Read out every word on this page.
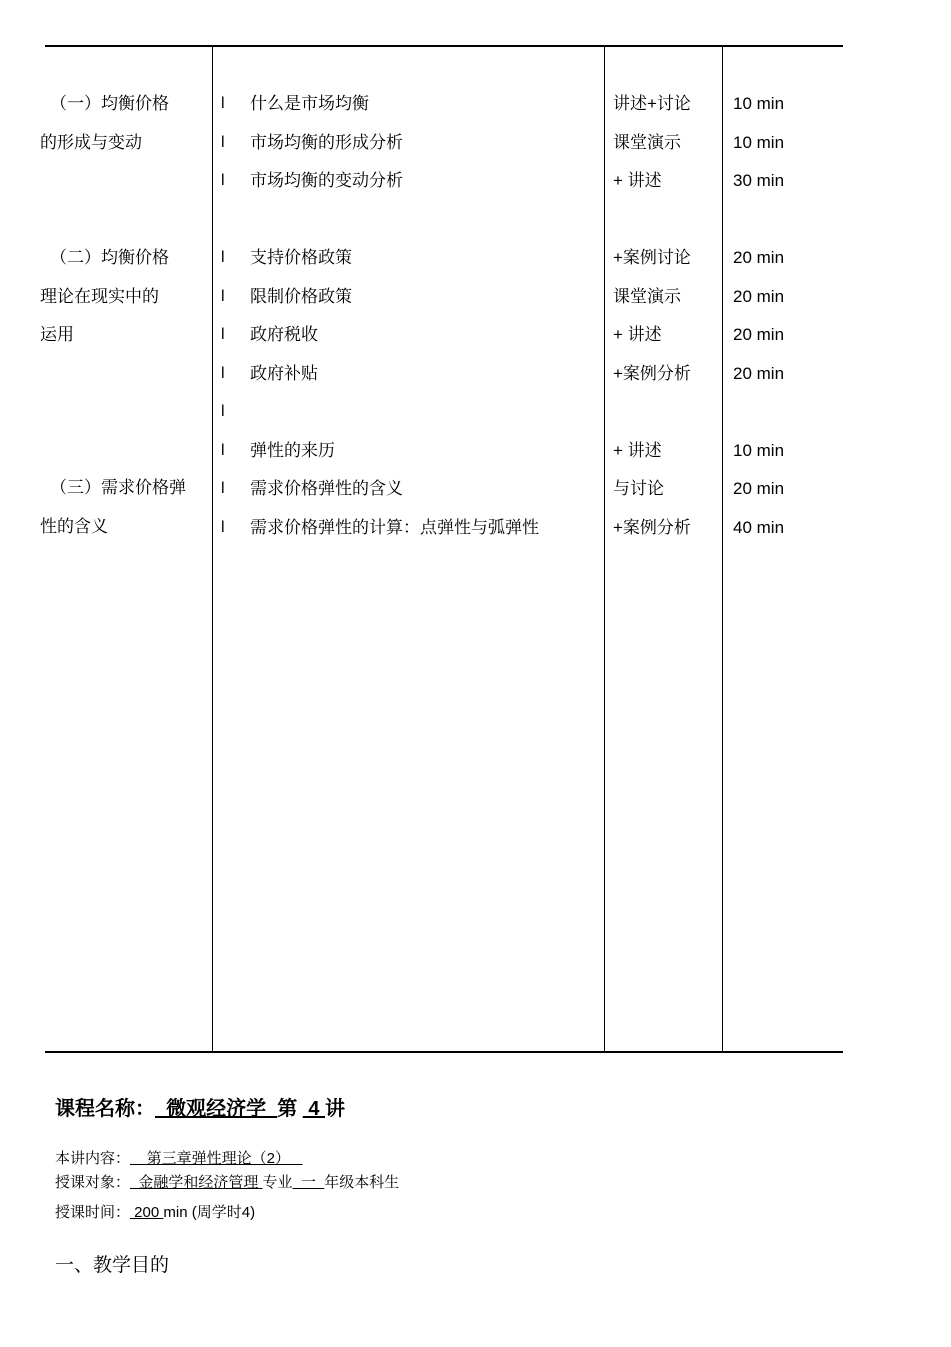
（一）均衡价格
的形成与变动
（二）均衡价格
理论在现实中的
运用
（三）需求价格弹
性的含义
l
l
l
l
l
l
l
l
l
l
l
什么是市场均衡
市场均衡的形成分析
市场均衡的变动分析
支持价格政策
限制价格政策
政府税收
政府补贴
弹性的来历
需求价格弹性的含义
需求价格弹性的计算：点弹性与弧弹性
讲述+讨论
课堂演示
+ 讲述
+案例讨论
课堂演示
+ 讲述
+案例分析
+ 讲述
与讨论
+案例分析
10 min
10 min
30 min
20 min
20 min
20 min
20 min
10 min
20 min
40 min
课程名称：  微观经济学  第  4 讲
本讲内容：    第三章弹性理论（2）
授课对象：  金融学和经济管理 专业  一  年级本科生
授课时间： 200 min (周学时4)
一、教学目的
